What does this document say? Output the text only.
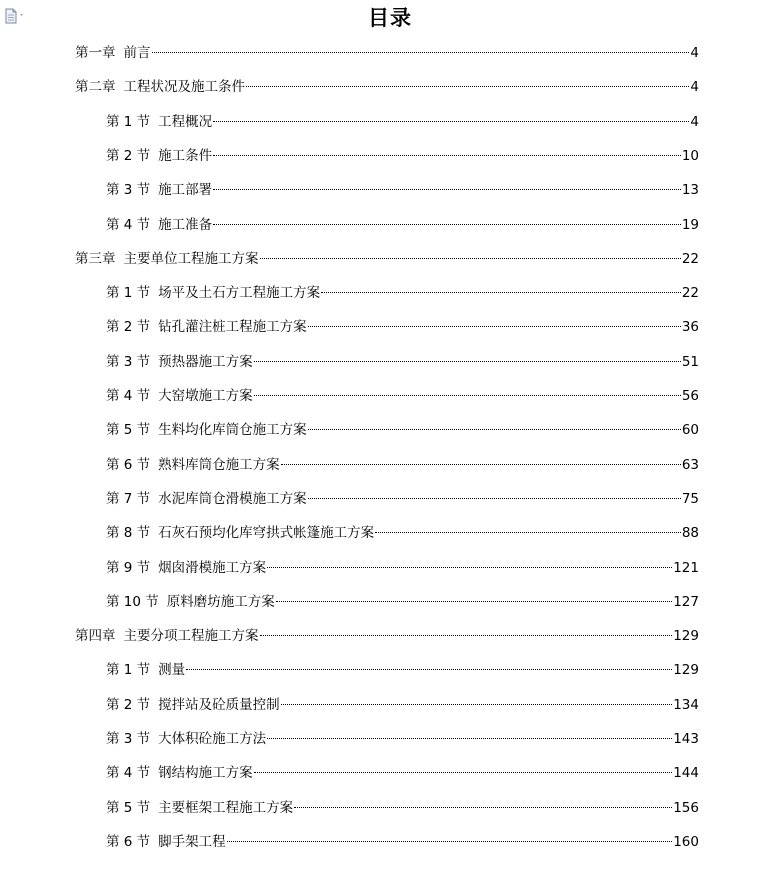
目录
第一章 前言	4
第二章 工程状况及施工条件	4
第 1 节 工程概况	4
第 2 节 施工条件	10
第 3 节 施工部署	13
第 4 节 施工准备	19
第三章 主要单位工程施工方案	22
第 1 节 场平及土石方工程施工方案	22
第 2 节 钻孔灌注桩工程施工方案	36
第 3 节 预热器施工方案	51
第 4 节 大窑墩施工方案	56
第 5 节 生料均化库筒仓施工方案	60
第 6 节 熟料库筒仓施工方案	63
第 7 节 水泥库筒仓滑模施工方案	75
第 8 节 石灰石预均化库穹拱式帐篷施工方案	88
第 9 节 烟囱滑模施工方案	121
第 10 节 原料磨坊施工方案	127
第四章 主要分项工程施工方案	129
第 1 节 测量	129
第 2 节 搅拌站及砼质量控制	134
第 3 节 大体积砼施工方法	143
第 4 节 钢结构施工方案	144
第 5 节 主要框架工程施工方案	156
第 6 节 脚手架工程	160
